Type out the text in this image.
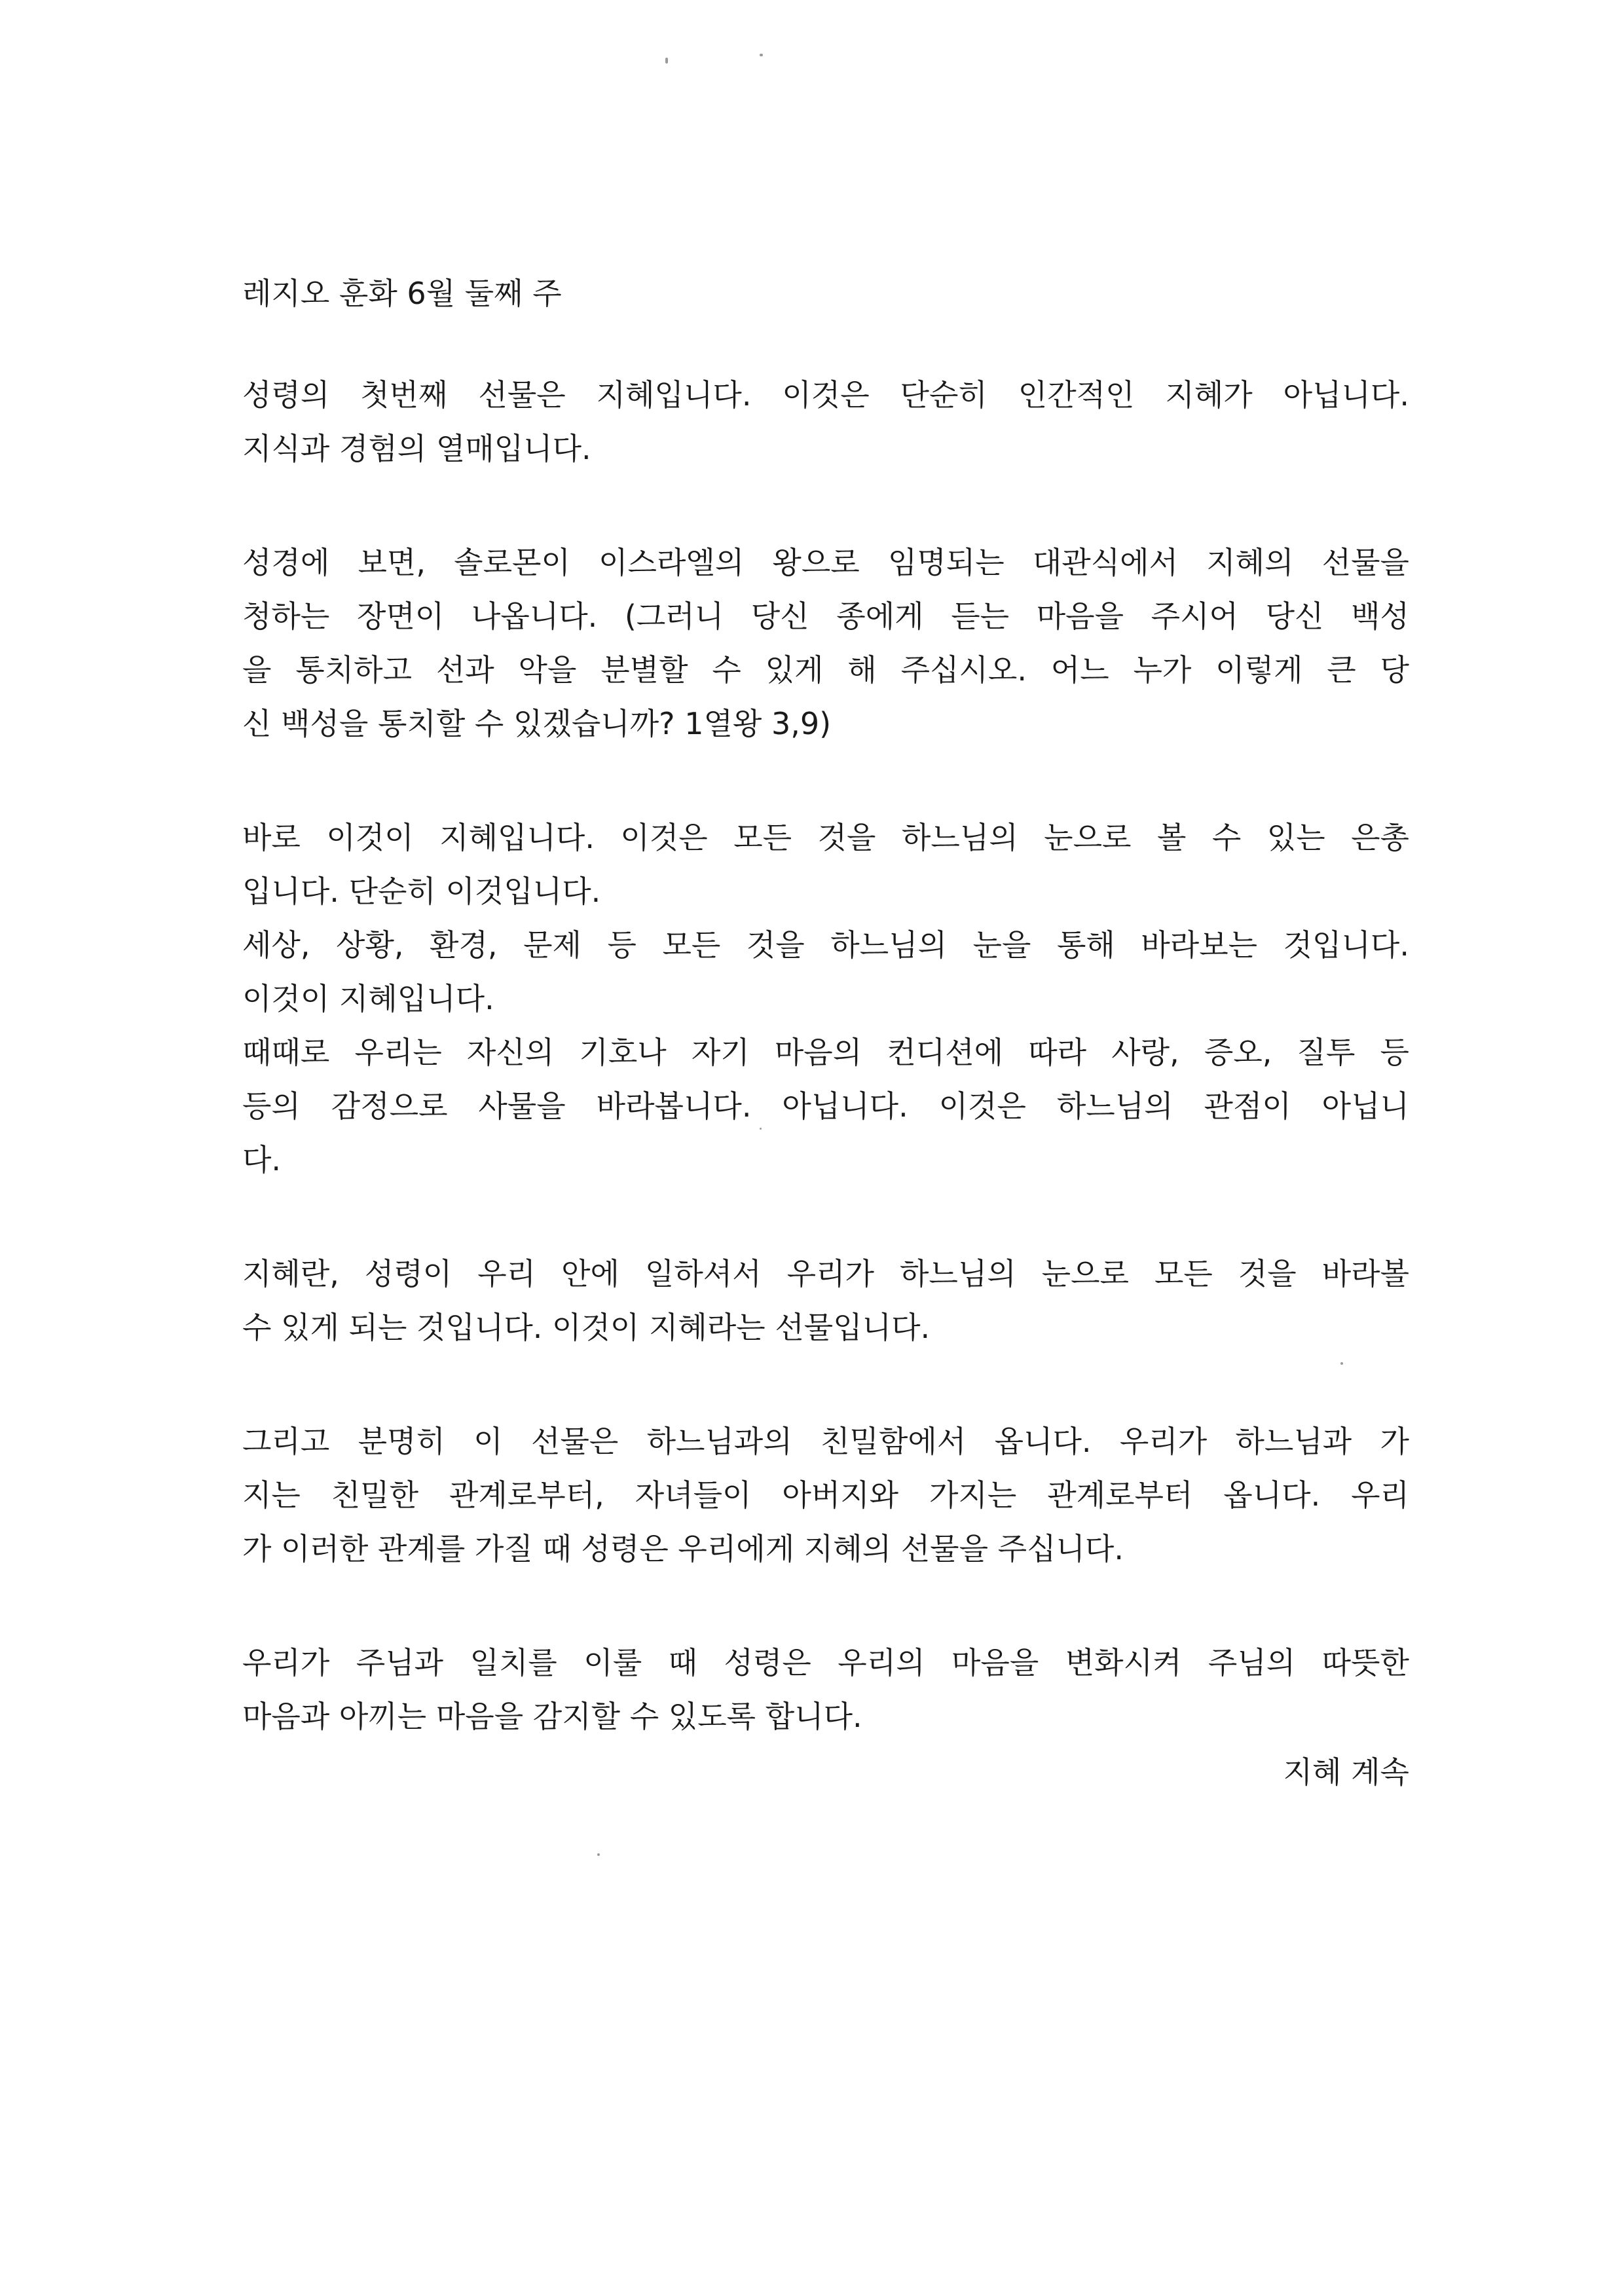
레지오 훈화 6월 둘째 주

성령의 첫번째 선물은 지혜입니다. 이것은 단순히 인간적인 지혜가 아닙니다.
지식과 경험의 열매입니다.

성경에 보면, 솔로몬이 이스라엘의 왕으로 임명되는 대관식에서 지혜의 선물을
청하는 장면이 나옵니다. (그러니 당신 종에게 듣는 마음을 주시어 당신 백성
을 통치하고 선과 악을 분별할 수 있게 해 주십시오. 어느 누가 이렇게 큰 당
신 백성을 통치할 수 있겠습니까? 1열왕 3,9)

바로 이것이 지혜입니다. 이것은 모든 것을 하느님의 눈으로 볼 수 있는 은총
입니다. 단순히 이것입니다.
세상, 상황, 환경, 문제 등 모든 것을 하느님의 눈을 통해 바라보는 것입니다.
이것이 지혜입니다.
때때로 우리는 자신의 기호나 자기 마음의 컨디션에 따라 사랑, 증오, 질투 등
등의 감정으로 사물을 바라봅니다. 아닙니다. 이것은 하느님의 관점이 아닙니
다.

지혜란, 성령이 우리 안에 일하셔서 우리가 하느님의 눈으로 모든 것을 바라볼
수 있게 되는 것입니다. 이것이 지혜라는 선물입니다.

그리고 분명히 이 선물은 하느님과의 친밀함에서 옵니다. 우리가 하느님과 가
지는 친밀한 관계로부터, 자녀들이 아버지와 가지는 관계로부터 옵니다. 우리
가 이러한 관계를 가질 때 성령은 우리에게 지혜의 선물을 주십니다.

우리가 주님과 일치를 이룰 때 성령은 우리의 마음을 변화시켜 주님의 따뜻한
마음과 아끼는 마음을 감지할 수 있도록 합니다.

지혜 계속
